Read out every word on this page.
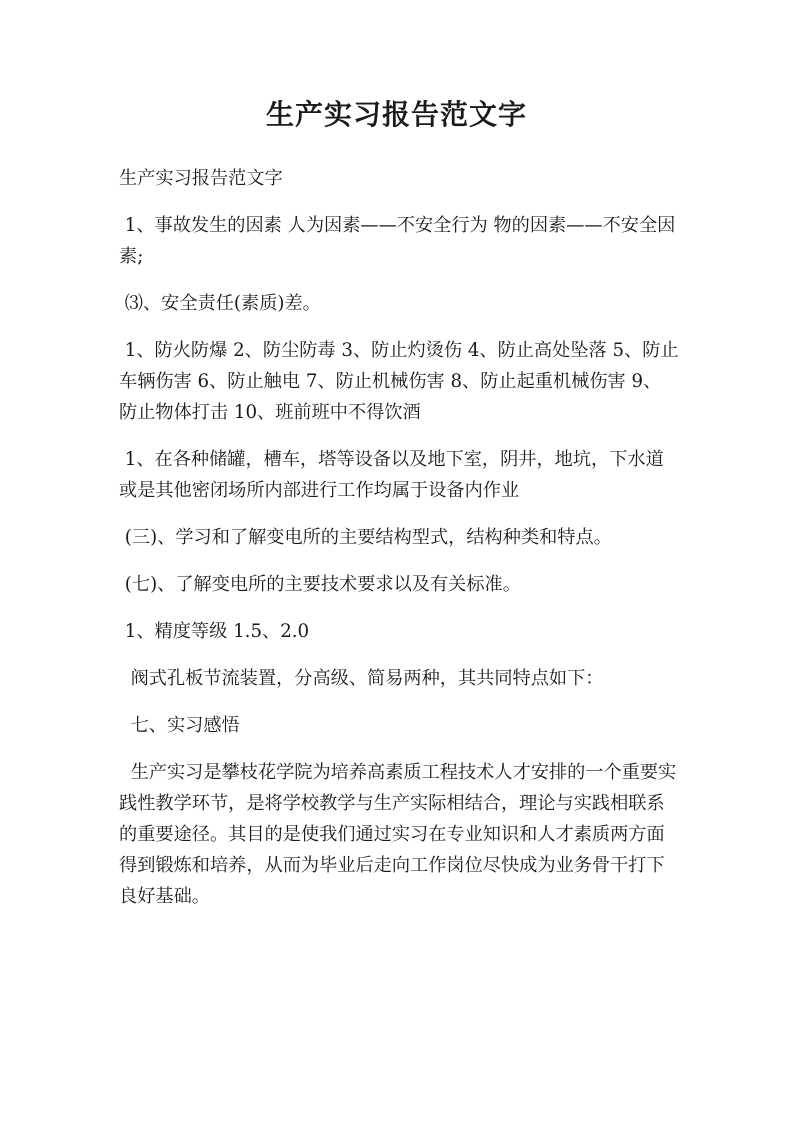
生产实习报告范文字

生产实习报告范文字

1、事故发生的因素 人为因素——不安全行为 物的因素——不安全因素;

⑶、安全责任(素质)差。

1、防火防爆 2、防尘防毒 3、防止灼烫伤 4、防止高处坠落 5、防止车辆伤害 6、防止触电 7、防止机械伤害 8、防止起重机械伤害 9、防止物体打击 10、班前班中不得饮酒

1、在各种储罐，槽车，塔等设备以及地下室，阴井，地坑，下水道或是其他密闭场所内部进行工作均属于设备内作业

(三)、学习和了解变电所的主要结构型式，结构种类和特点。

(七)、了解变电所的主要技术要求以及有关标准。

1、精度等级 1.5、2.0

阀式孔板节流装置，分高级、简易两种，其共同特点如下：

七、实习感悟

生产实习是攀枝花学院为培养高素质工程技术人才安排的一个重要实践性教学环节，是将学校教学与生产实际相结合，理论与实践相联系的重要途径。其目的是使我们通过实习在专业知识和人才素质两方面得到锻炼和培养，从而为毕业后走向工作岗位尽快成为业务骨干打下良好基础。
